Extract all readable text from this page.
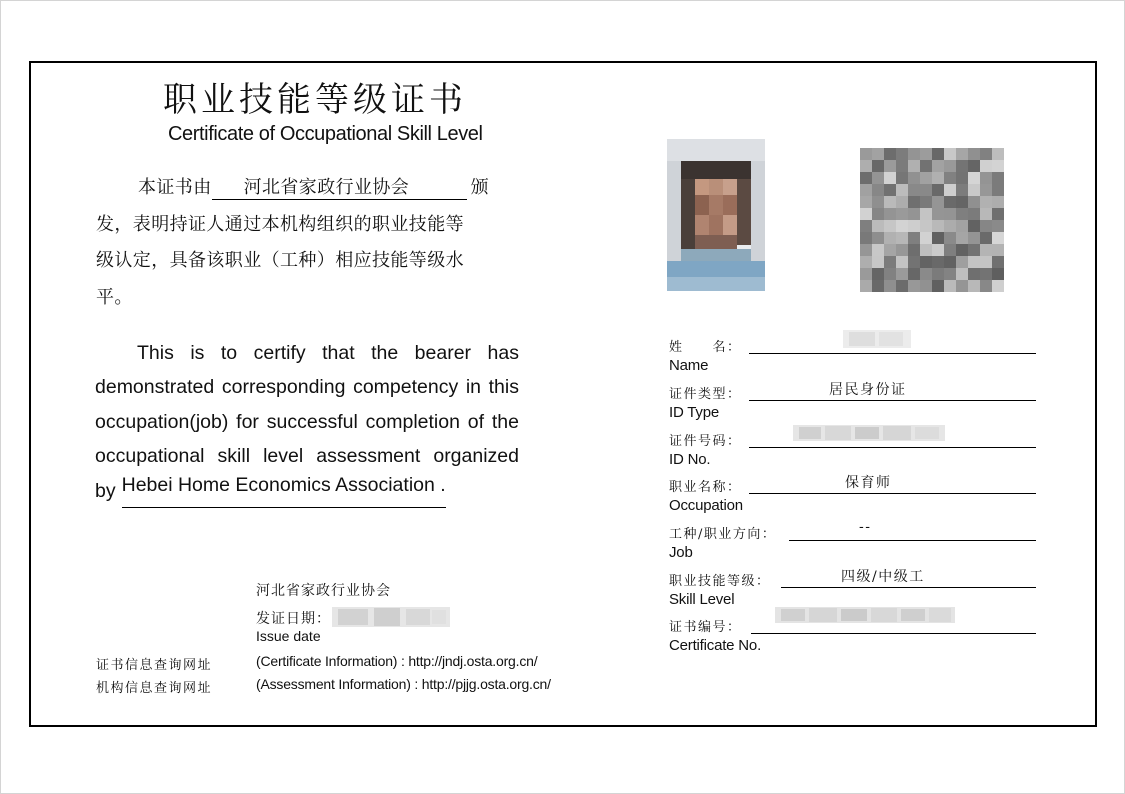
职业技能等级证书
Certificate of Occupational Skill Level
本证书由 河北省家政行业协会	颁
发，表明持证人通过本机构组织的职业技能等
级认定，具备该职业（工种）相应技能等级水
平。
This is to certify that the bearer has
demonstrated corresponding competency in this
occupation(job) for successful completion of the
occupational skill level assessment organized
by Hebei Home Economics Association .
河北省家政行业协会
发证日期：
Issue date
证书信息查询网址
机构信息查询网址
(Certificate Information) : http://jndj.osta.org.cn/
(Assessment Information) : http://pjjg.osta.org.cn/
姓　　名：
Name
证件类型：
ID Type
居民身份证
证件号码：
ID No.
职业名称：
Occupation
保育师
工种/职业方向：
Job
--
职业技能等级：
Skill Level
四级/中级工
证书编号：
Certificate No.
